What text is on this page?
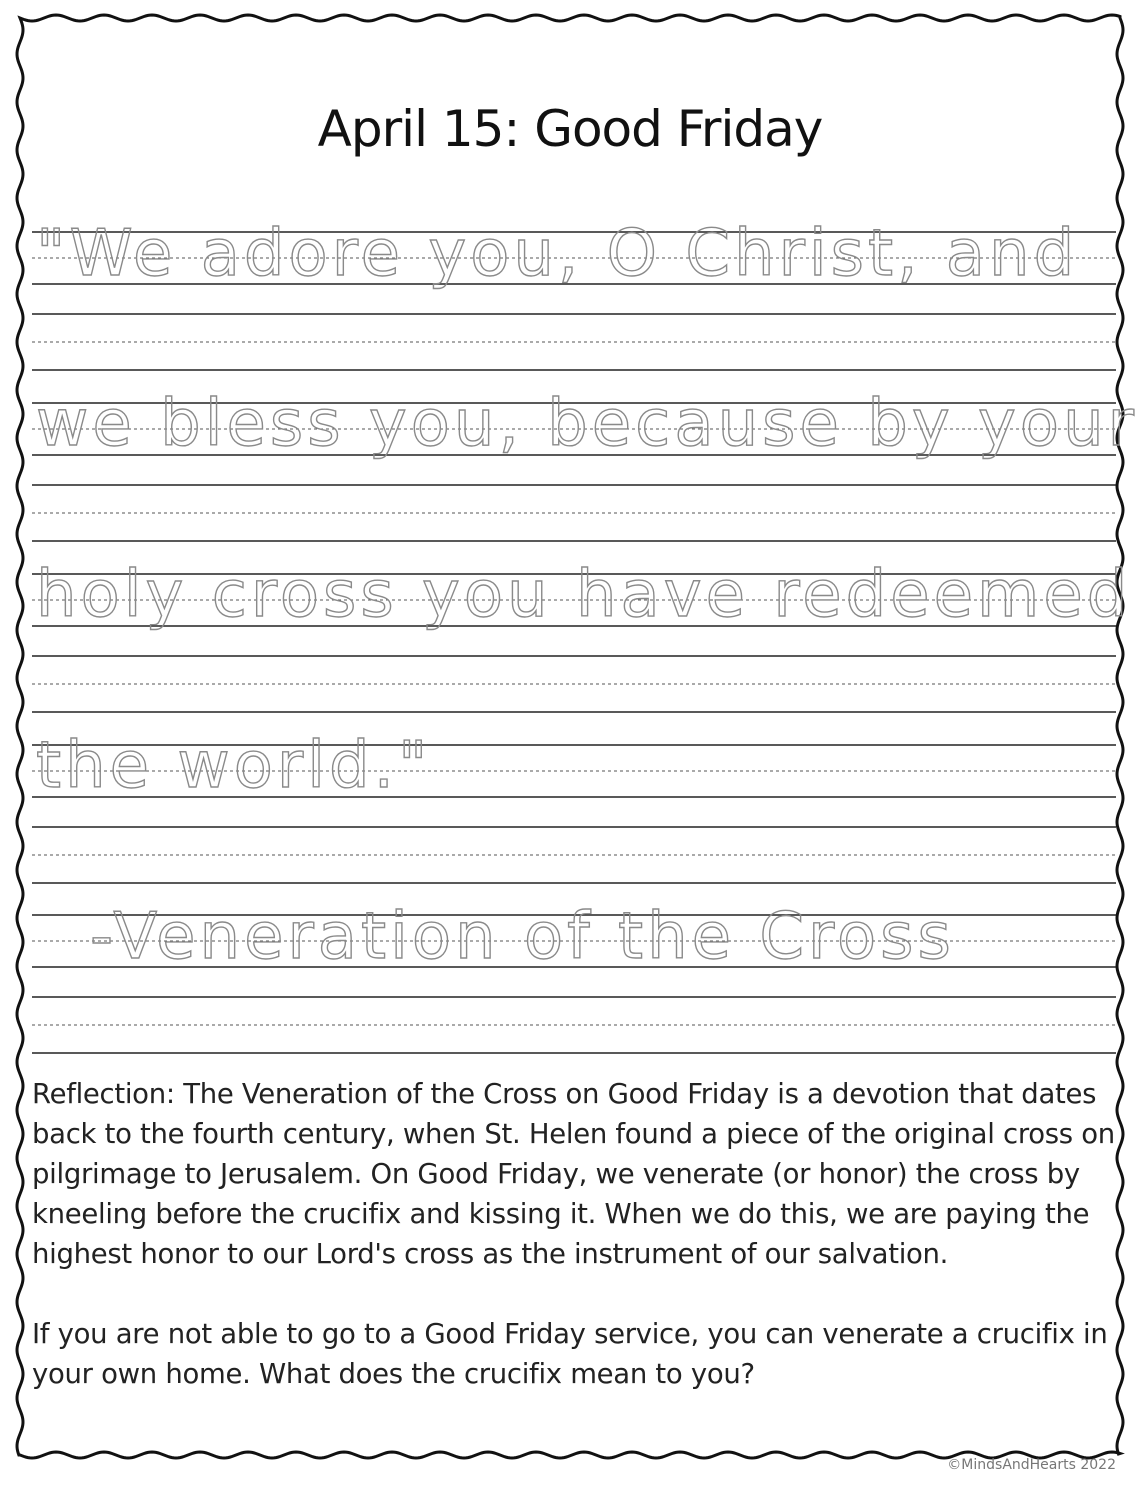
April 15: Good Friday
"We adore you, O Christ, and
we bless you, because by your
holy cross you have redeemed
the world."
-Veneration of the Cross

Reflection: The Veneration of the Cross on Good Friday is a devotion that dates back to the fourth century, when St. Helen found a piece of the original cross on pilgrimage to Jerusalem. On Good Friday, we venerate (or honor) the cross by kneeling before the crucifix and kissing it. When we do this, we are paying the highest honor to our Lord's cross as the instrument of our salvation.

If you are not able to go to a Good Friday service, you can venerate a crucifix in your own home. What does the crucifix mean to you?

©MindsAndHearts 2022
